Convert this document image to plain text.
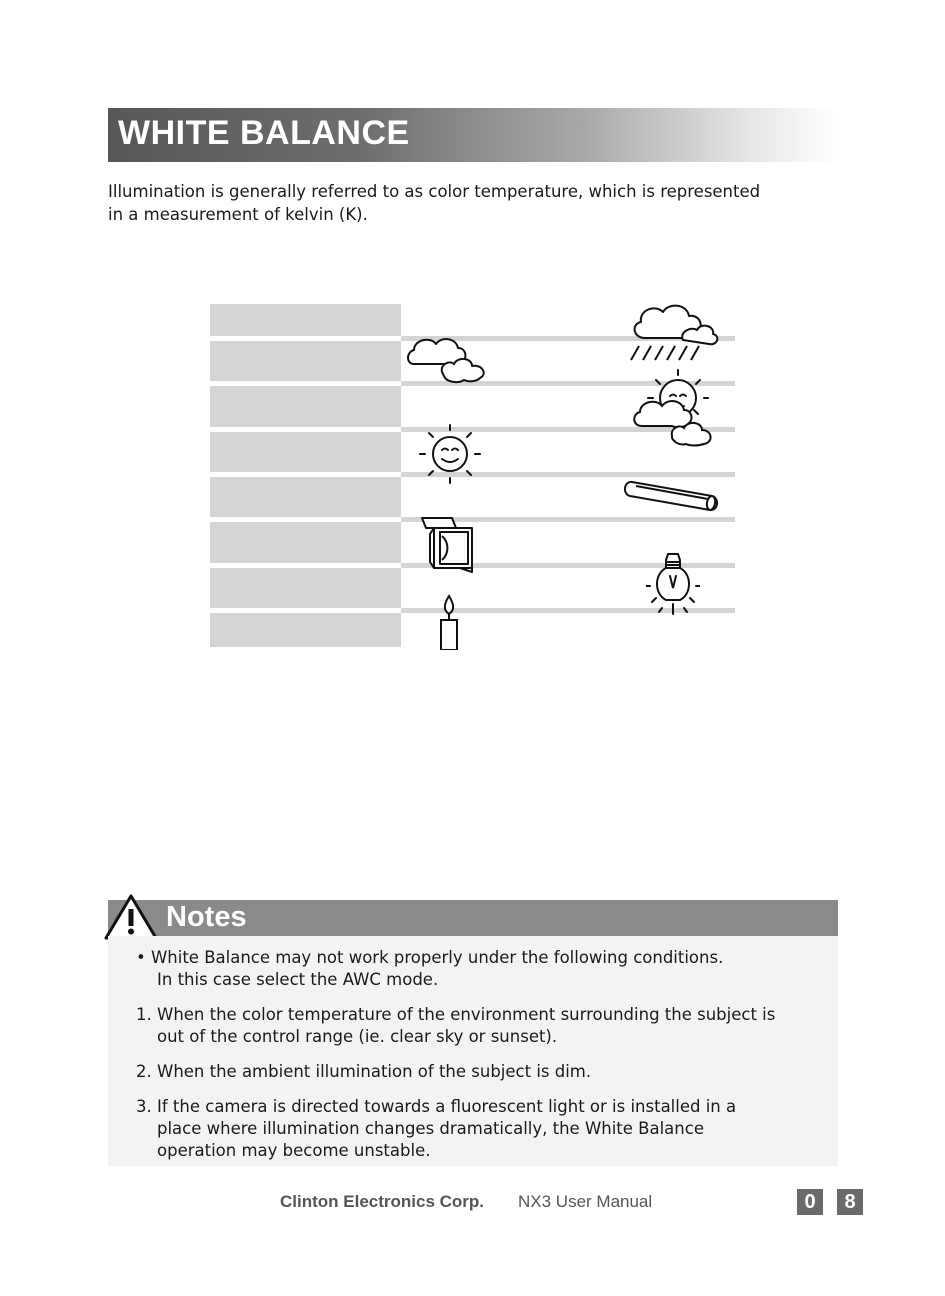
WHITE BALANCE
Illumination is generally referred to as color temperature, which is represented
in a measurement of kelvin (K).
Notes
• White Balance may not work properly under the following conditions.
In this case select the AWC mode.
1. When the color temperature of the environment surrounding the subject is
out of the control range (ie. clear sky or sunset).
2. When the ambient illumination of the subject is dim.
3. If the camera is directed towards a fluorescent light or is installed in a
place where illumination changes dramatically, the White Balance
operation may become unstable.
Clinton Electronics Corp. NX3 User Manual	0	8
